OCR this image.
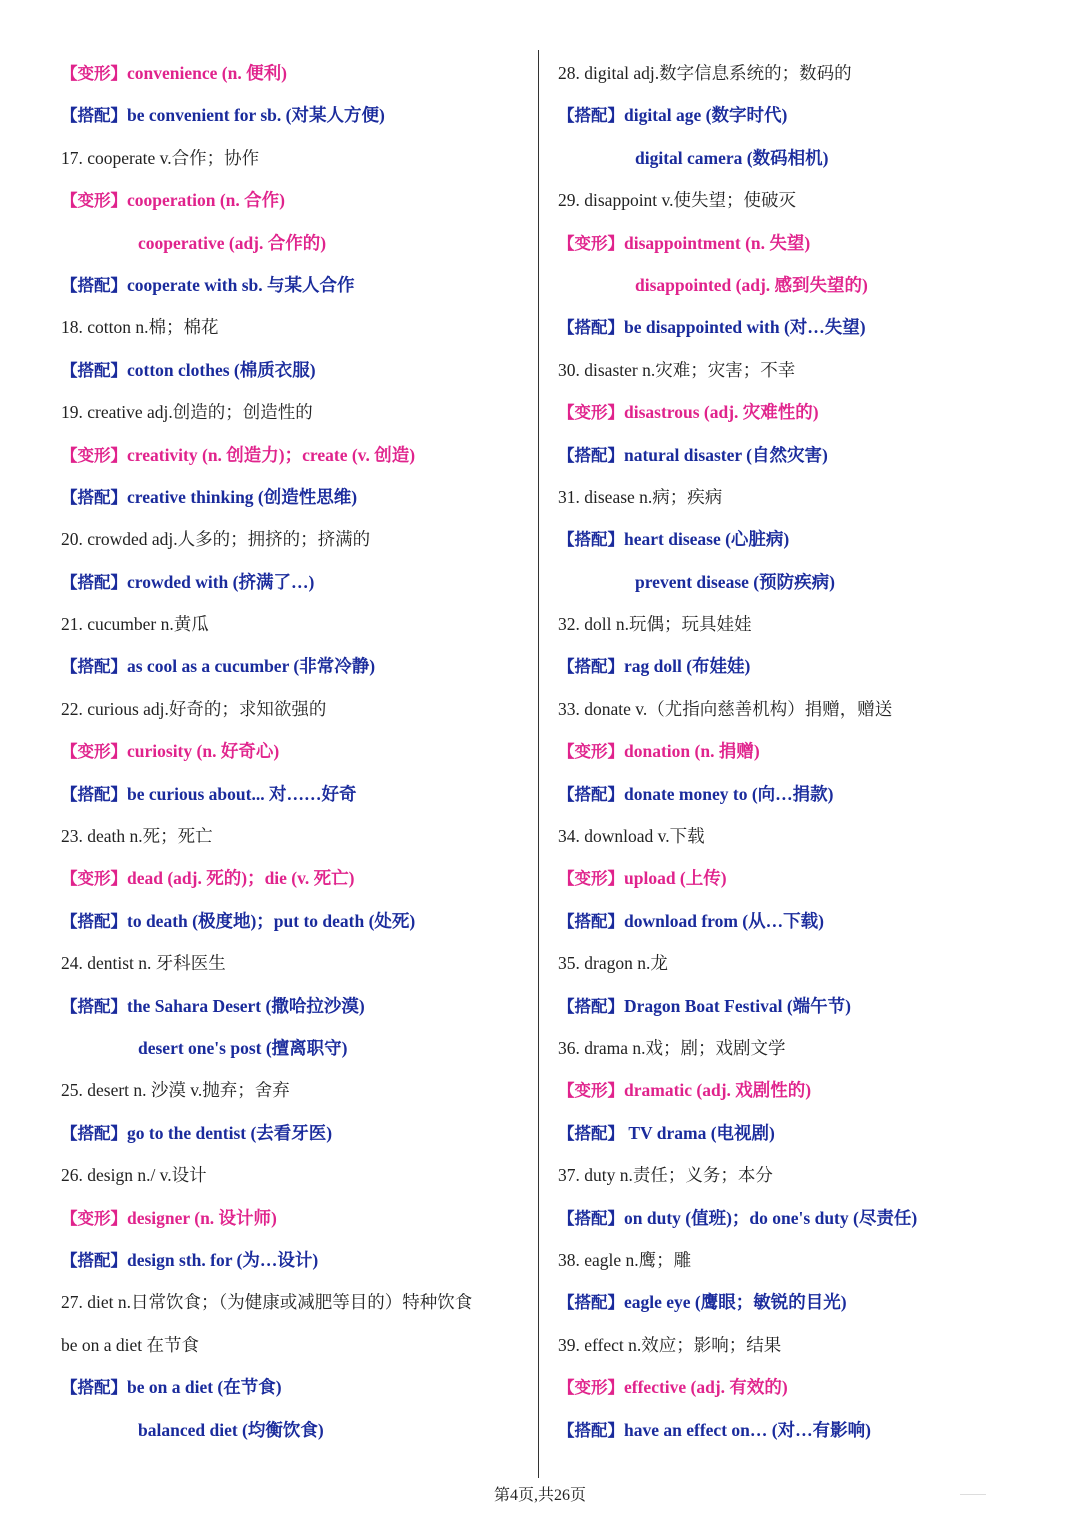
【变形】convenience (n. 便利)
【搭配】be convenient for sb. (对某人方便)
17. cooperate v.合作；协作
【变形】cooperation (n. 合作)
cooperative (adj. 合作的)
【搭配】cooperate with sb. 与某人合作
18. cotton n.棉；棉花
【搭配】cotton clothes (棉质衣服)
19. creative adj.创造的；创造性的
【变形】creativity (n. 创造力)；create (v. 创造)
【搭配】creative thinking (创造性思维)
20. crowded adj.人多的；拥挤的；挤满的
【搭配】crowded with (挤满了…)
21. cucumber n.黄瓜
【搭配】as cool as a cucumber (非常冷静)
22. curious adj.好奇的；求知欲强的
【变形】curiosity (n. 好奇心)
【搭配】be curious about... 对……好奇
23. death n.死；死亡
【变形】dead (adj. 死的)；die (v. 死亡)
【搭配】to death (极度地)；put to death (处死)
24. dentist n. 牙科医生
【搭配】the Sahara Desert (撒哈拉沙漠)
desert one's post (擅离职守)
25. desert n. 沙漠 v.抛弃；舍弃
【搭配】go to the dentist (去看牙医)
26. design n./ v.设计
【变形】designer (n. 设计师)
【搭配】design sth. for (为…设计)
27. diet n.日常饮食；（为健康或减肥等目的）特种饮食
be on a diet 在节食
【搭配】be on a diet (在节食)
balanced diet (均衡饮食)
28. digital adj.数字信息系统的；数码的
【搭配】digital age (数字时代)
digital camera (数码相机)
29. disappoint v.使失望；使破灭
【变形】disappointment (n. 失望)
disappointed (adj. 感到失望的)
【搭配】be disappointed with (对…失望)
30. disaster n.灾难；灾害；不幸
【变形】disastrous (adj. 灾难性的)
【搭配】natural disaster (自然灾害)
31. disease n.病；疾病
【搭配】heart disease (心脏病)
prevent disease (预防疾病)
32. doll n.玩偶；玩具娃娃
【搭配】rag doll (布娃娃)
33. donate v.（尤指向慈善机构）捐赠，赠送
【变形】donation (n. 捐赠)
【搭配】donate money to (向…捐款)
34. download v.下载
【变形】upload (上传)
【搭配】download from (从…下载)
35. dragon n.龙
【搭配】Dragon Boat Festival (端午节)
36. drama n.戏；剧；戏剧文学
【变形】dramatic (adj. 戏剧性的)
【搭配】 TV drama (电视剧)
37. duty n.责任；义务；本分
【搭配】on duty (值班)；do one's duty (尽责任)
38. eagle n.鹰；雕
【搭配】eagle eye (鹰眼；敏锐的目光)
39. effect n.效应；影响；结果
【变形】effective (adj. 有效的)
【搭配】have an effect on… (对…有影响)
第4页,共26页
